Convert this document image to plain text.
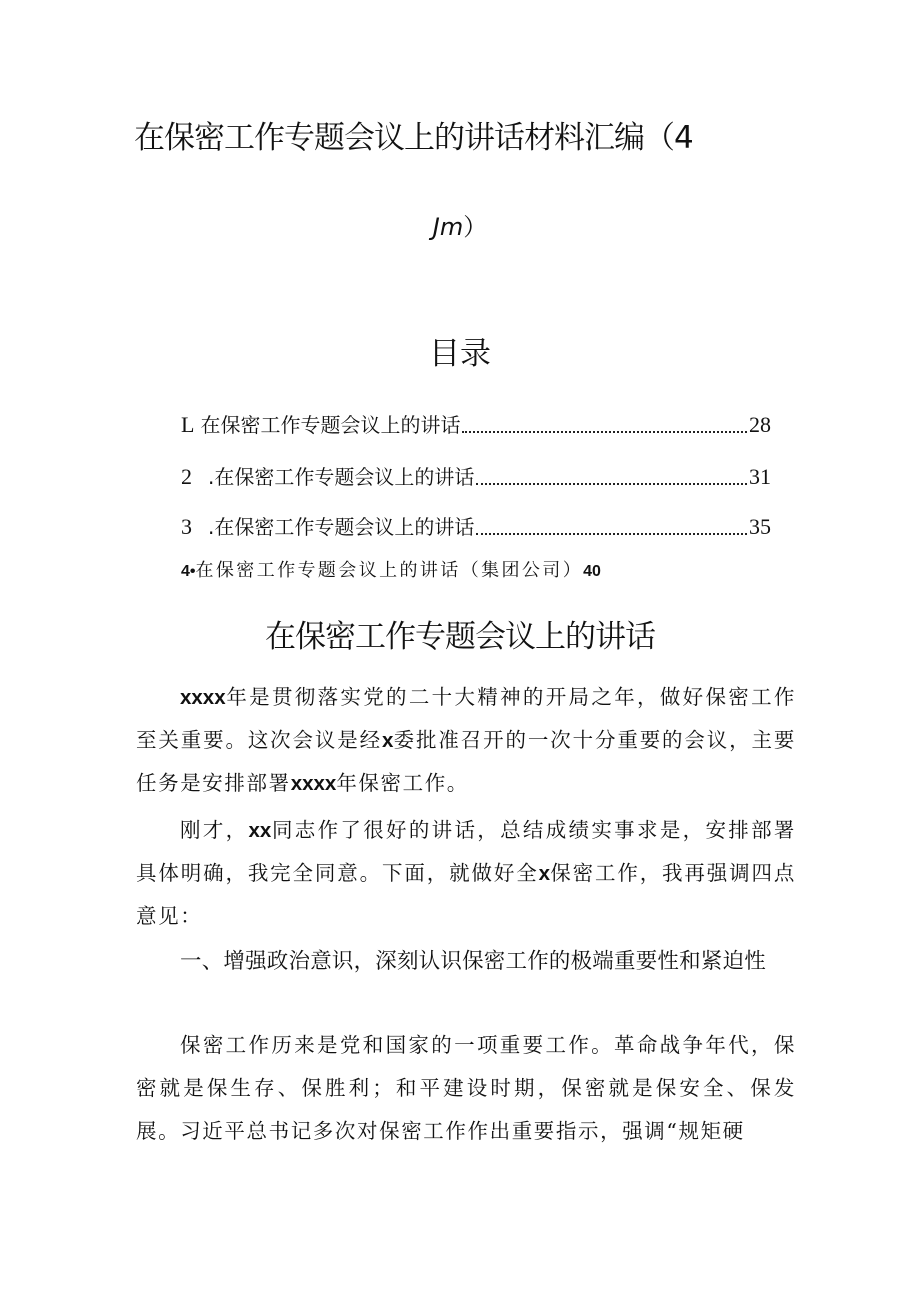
在保密工作专题会议上的讲话材料汇编（4
Jm）
目录
L 在保密工作专题会议上的讲话	28
2 .在保密工作专题会议上的讲话	31
3 .在保密工作专题会议上的讲话	35
4•在保密工作专题会议上的讲话（集团公司）40
在保密工作专题会议上的讲话
xxxx年是贯彻落实党的二十大精神的开局之年，做好保密工作至关重要。这次会议是经x委批准召开的一次十分重要的会议，主要任务是安排部署xxxx年保密工作。
刚才，xx同志作了很好的讲话，总结成绩实事求是，安排部署具体明确，我完全同意。下面，就做好全x保密工作，我再强调四点意见：
一、增强政治意识，深刻认识保密工作的极端重要性和紧迫性
保密工作历来是党和国家的一项重要工作。革命战争年代，保密就是保生存、保胜利；和平建设时期，保密就是保安全、保发展。习近平总书记多次对保密工作作出重要指示，强调“规矩硬
